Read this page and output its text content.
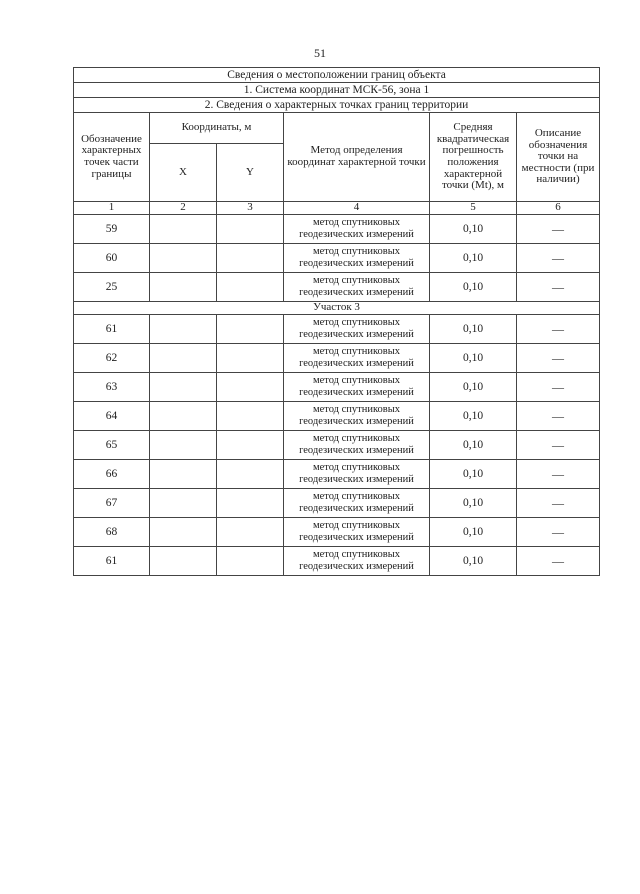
51
Сведения о местоположении границ объекта					
1. Система координат МСК-56, зона 1					
2. Сведения о характерных точках границ территории					
Обозначение характерных точек части границы	Координаты, м		Метод определения координат характерной точки	Средняя квадратическая погрешность положения характерной точки (Mt), м	Описание обозначения точки на местности (при наличии)
	X	Y			
1	2	3	4	5	6
59			метод спутниковых геодезических измерений	0,10	—
60			метод спутниковых геодезических измерений	0,10	—
25			метод спутниковых геодезических измерений	0,10	—
Участок 3					
61			метод спутниковых геодезических измерений	0,10	—
62			метод спутниковых геодезических измерений	0,10	—
63			метод спутниковых геодезических измерений	0,10	—
64			метод спутниковых геодезических измерений	0,10	—
65			метод спутниковых геодезических измерений	0,10	—
66			метод спутниковых геодезических измерений	0,10	—
67			метод спутниковых геодезических измерений	0,10	—
68			метод спутниковых геодезических измерений	0,10	—
61			метод спутниковых геодезических измерений	0,10	—
